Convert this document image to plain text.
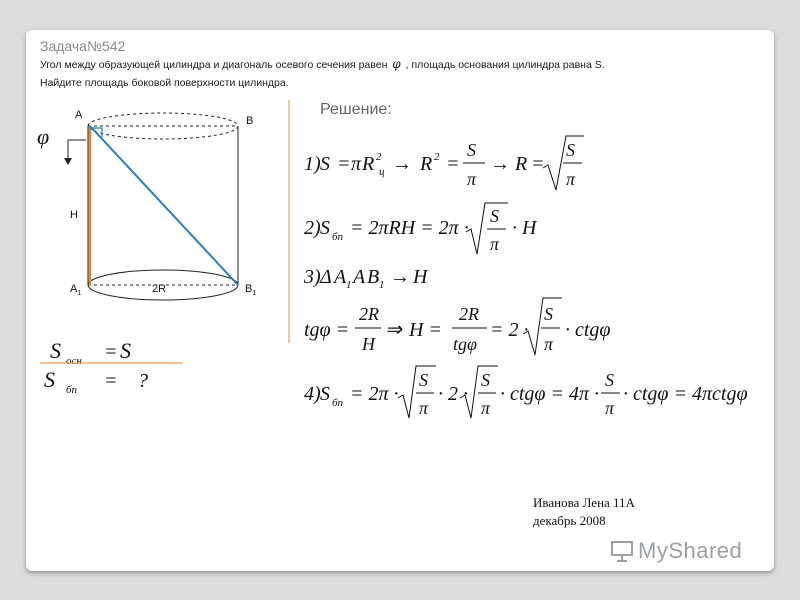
Задача№542
Угол между образующей цилиндра и диагональ осевого сечения равен φ , площадь основания цилиндра равна S.
Найдите площадь боковой поверхности цилиндра.
Решение:
A	B
$A_1$	$B_1$
H
2R
φ
S осн = S
S бп = ?
1) S = π R 2
ц → R 2 =
S
π
→ R =
S
π
2) S бп = 2πRH = 2π ·
S
π
· H
3) Δ A 1 A B 1 → H
tgφ =
2R
H
⇒ H =
2R
tgφ
= 2 ·
S
π
· ctgφ
4) S бп = 2π ·
S
π
· 2 ·
S
π
· ctgφ = 4π ·
S
π
· ctgφ = 4πctgφ
Иванова Лена 11А
декабрь 2008
MyShared
